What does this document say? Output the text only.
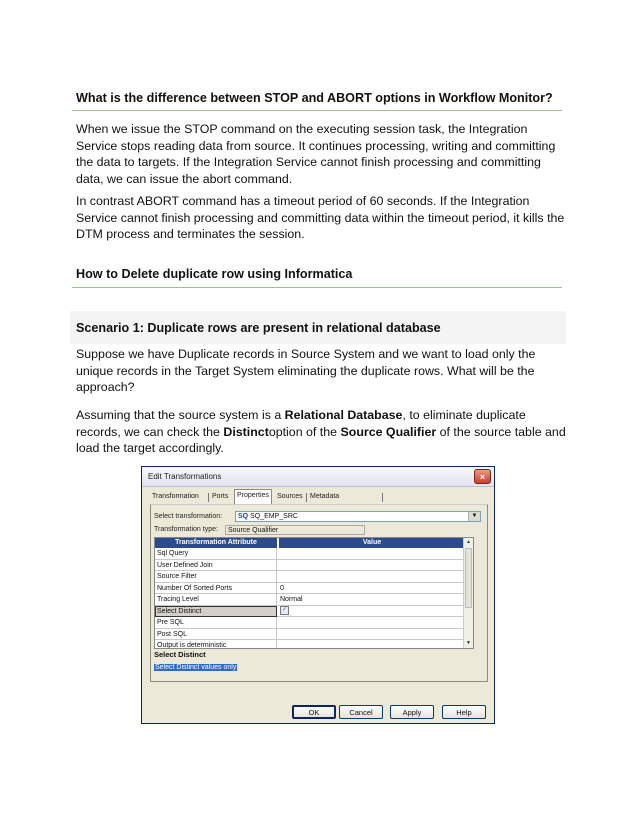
What is the difference between STOP and ABORT options in Workflow Monitor?

When we issue the STOP command on the executing session task, the Integration Service stops reading data from source. It continues processing, writing and committing the data to targets. If the Integration Service cannot finish processing and committing data, we can issue the abort command.

In contrast ABORT command has a timeout period of 60 seconds. If the Integration Service cannot finish processing and committing data within the timeout period, it kills the DTM process and terminates the session.

How to Delete duplicate row using Informatica
Scenario 1: Duplicate rows are present in relational database

Suppose we have Duplicate records in Source System and we want to load only the unique records in the Target System eliminating the duplicate rows. What will be the approach?

Assuming that the source system is a Relational Database, to eliminate duplicate records, we can check the Distinctoption of the Source Qualifier of the source table and load the target accordingly.

Edit Transformations	×
Transformation Ports	Properties	Sources Metadata
Select transformation:	SQ SQ_EMP_SRC	▼
Transformation type:	Source Qualifier
Transformation Attribute	Value
Sql Query
User Defined Join
Source Filter
Number Of Sorted Ports	0
Tracing Level	Normal
Select Distinct	✓
Pre SQL
Post SQL
Output is deterministic
▲
▼
Select Distinct
Select Distinct values only
OK	Cancel	Apply	Help
